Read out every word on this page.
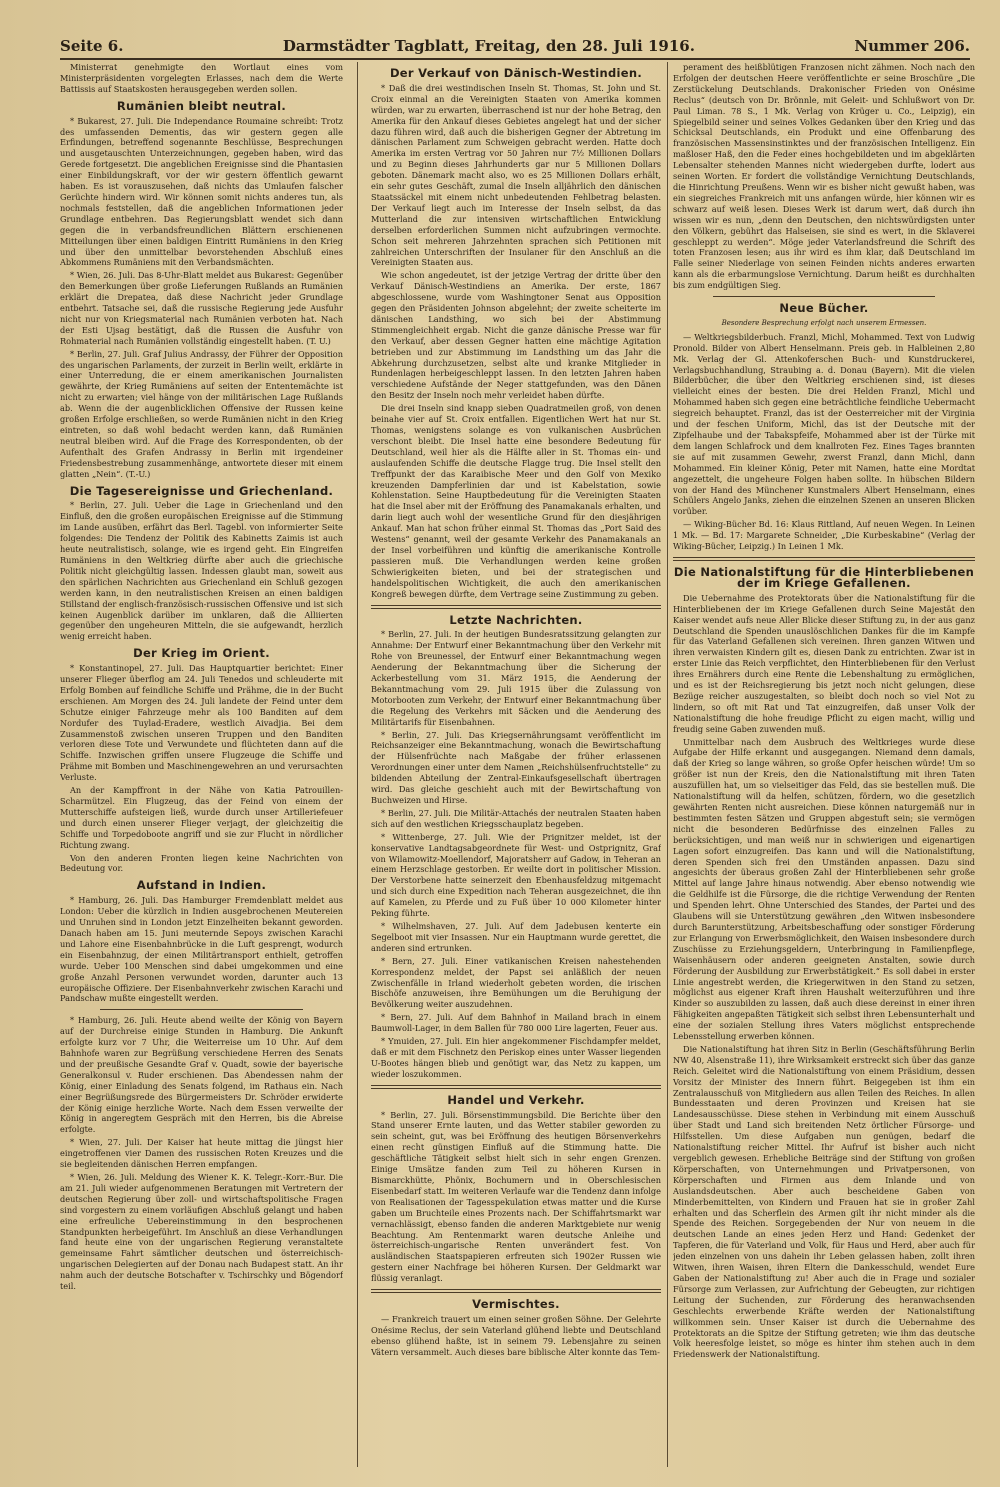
Seite 6.	Darmstädter Tagblatt, Freitag, den 28. Juli 1916.	Nummer 206.

Ministerrat genehmigte den Wortlaut eines vom Ministerpräsidenten vorgelegten Erlasses, nach dem die Werte Battissis auf Staatskosten herausgegeben werden sollen.

Rumänien bleibt neutral.

* Bukarest, 27. Juli. Die Independance Roumaine schreibt: Trotz des umfassenden Dementis, das wir gestern gegen alle Erfindungen, betreffend sogenannte Beschlüsse, Besprechungen und ausgetauschten Unterzeichnungen, gegeben haben, wird das Gerede fortgesetzt. Die angeblichen Ereignisse sind die Phantasien einer Einbildungskraft, vor der wir gestern öffentlich gewarnt haben. Es ist vorauszusehen, daß nichts das Umlaufen falscher Gerüchte hindern wird. Wir können somit nichts anderes tun, als nochmals feststellen, daß die angeblichen Informationen jeder Grundlage entbehren. Das Regierungsblatt wendet sich dann gegen die in verbandsfreundlichen Blättern erschienenen Mitteilungen über einen baldigen Eintritt Rumäniens in den Krieg und über den unmittelbar bevorstehenden Abschluß eines Abkommens Rumäniens mit den Verbandsmächten.

* Wien, 26. Juli. Das 8-Uhr-Blatt meldet aus Bukarest: Gegenüber den Bemerkungen über große Lieferungen Rußlands an Rumänien erklärt die Drepatea, daß diese Nachricht jeder Grundlage entbehrt. Tatsache sei, daß die russische Regierung jede Ausfuhr nicht nur von Kriegsmaterial nach Rumänien verboten hat. Nach der Esti Ujsag bestätigt, daß die Russen die Ausfuhr von Rohmaterial nach Rumänien vollständig eingestellt haben. (T. U.)

* Berlin, 27. Juli. Graf Julius Andrassy, der Führer der Opposition des ungarischen Parlaments, der zurzeit in Berlin weilt, erklärte in einer Unterredung, die er einem amerikanischen Journalisten gewährte, der Krieg Rumäniens auf seiten der Ententemächte ist nicht zu erwarten; viel hänge von der militärischen Lage Rußlands ab. Wenn die der augenblicklichen Offensive der Russen keine großen Erfolge erschließen, so werde Rumänien nicht in den Krieg eintreten, so daß wohl bedacht werden kann, daß Rumänien neutral bleiben wird. Auf die Frage des Korrespondenten, ob der Aufenthalt des Grafen Andrassy in Berlin mit irgendeiner Friedensbestrebung zusammenhänge, antwortete dieser mit einem glatten „Nein“. (T.-U.)

Die Tagesereignisse und Griechenland.

* Berlin, 27. Juli. Ueber die Lage in Griechenland und den Einfluß, den die großen europäischen Ereignisse auf die Stimmung im Lande ausüben, erfährt das Berl. Tagebl. von informierter Seite folgendes: Die Tendenz der Politik des Kabinetts Zaimis ist auch heute neutralistisch, solange, wie es irgend geht. Ein Eingreifen Rumäniens in den Weltkrieg dürfte aber auch die griechische Politik nicht gleichgültig lassen. Indessen glaubt man, soweit aus den spärlichen Nachrichten aus Griechenland ein Schluß gezogen werden kann, in den neutralistischen Kreisen an einen baldigen Stillstand der englisch-französisch-russischen Offensive und ist sich keinen Augenblick darüber im unklaren, daß die Alliierten gegenüber den ungeheuren Mitteln, die sie aufgewandt, herzlich wenig erreicht haben.

Der Krieg im Orient.

* Konstantinopel, 27. Juli. Das Hauptquartier berichtet: Einer unserer Flieger überflog am 24. Juli Tenedos und schleuderte mit Erfolg Bomben auf feindliche Schiffe und Prähme, die in der Bucht erschienen. Am Morgen des 24. Juli landete der Feind unter dem Schutze einiger Fahrzeuge mehr als 100 Banditen auf dem Nordufer des Tuylad-Eradere, westlich Aivadjia. Bei dem Zusammenstoß zwischen unseren Truppen und den Banditen verloren diese Tote und Verwundete und flüchteten dann auf die Schiffe. Inzwischen griffen unsere Flugzeuge die Schiffe und Prähme mit Bomben und Maschinengewehren an und verursachten Verluste.

An der Kampffront in der Nähe von Katia Patrouillen-Scharmützel. Ein Flugzeug, das der Feind von einem der Mutterschiffe aufsteigen ließ, wurde durch unser Artilleriefeuer und durch einen unserer Flieger verjagt, der gleichzeitig die Schiffe und Torpedoboote angriff und sie zur Flucht in nördlicher Richtung zwang.

Von den anderen Fronten liegen keine Nachrichten von Bedeutung vor.

Aufstand in Indien.

* Hamburg, 26. Juli. Das Hamburger Fremdenblatt meldet aus London: Ueber die kürzlich in Indien ausgebrochenen Meutereien und Unruhen sind in London jetzt Einzelheiten bekannt geworden. Danach haben am 15. Juni meuternde Sepoys zwischen Karachi und Lahore eine Eisenbahnbrücke in die Luft gesprengt, wodurch ein Eisenbahnzug, der einen Militärtransport enthielt, getroffen wurde. Ueber 100 Menschen sind dabei umgekommen und eine große Anzahl Personen verwundet worden, darunter auch 13 europäische Offiziere. Der Eisenbahnverkehr zwischen Karachi und Pandschaw mußte eingestellt werden.

* Hamburg, 26. Juli. Heute abend weilte der König von Bayern auf der Durchreise einige Stunden in Hamburg. Die Ankunft erfolgte kurz vor 7 Uhr, die Weiterreise um 10 Uhr. Auf dem Bahnhofe waren zur Begrüßung verschiedene Herren des Senats und der preußische Gesandte Graf v. Quadt, sowie der bayerische Generalkonsul v. Ruder erschienen. Das Abendessen nahm der König, einer Einladung des Senats folgend, im Rathaus ein. Nach einer Begrüßungsrede des Bürgermeisters Dr. Schröder erwiderte der König einige herzliche Worte. Nach dem Essen verweilte der König in angeregtem Gespräch mit den Herren, bis die Abreise erfolgte.

* Wien, 27. Juli. Der Kaiser hat heute mittag die jüngst hier eingetroffenen vier Damen des russischen Roten Kreuzes und die sie begleitenden dänischen Herren empfangen.

* Wien, 26. Juli. Meldung des Wiener K. K. Telegr.-Korr.-Bur. Die am 21. Juli wieder aufgenommenen Beratungen mit Vertretern der deutschen Regierung über zoll- und wirtschaftspolitische Fragen sind vorgestern zu einem vorläufigen Abschluß gelangt und haben eine erfreuliche Uebereinstimmung in den besprochenen Standpunkten herbeigeführt. Im Anschluß an diese Verhandlungen fand heute eine von der ungarischen Regierung veranstaltete gemeinsame Fahrt sämtlicher deutschen und österreichisch-ungarischen Delegierten auf der Donau nach Budapest statt. An ihr nahm auch der deutsche Botschafter v. Tschirschky und Bögendorf teil.

Der Verkauf von Dänisch-Westindien.

* Daß die drei westindischen Inseln St. Thomas, St. John und St. Croix einmal an die Vereinigten Staaten von Amerika kommen würden, war zu erwarten, überraschend ist nur der hohe Betrag, den Amerika für den Ankauf dieses Gebietes angelegt hat und der sicher dazu führen wird, daß auch die bisherigen Gegner der Abtretung im dänischen Parlament zum Schweigen gebracht werden. Hatte doch Amerika im ersten Vertrag vor 50 Jahren nur 7½ Millionen Dollars und zu Beginn dieses Jahrhunderts gar nur 5 Millionen Dollars geboten. Dänemark macht also, wo es 25 Millionen Dollars erhält, ein sehr gutes Geschäft, zumal die Inseln alljährlich den dänischen Staatssäckel mit einem nicht unbedeutenden Fehlbetrag belasten. Der Verkauf liegt auch im Interesse der Inseln selbst, da das Mutterland die zur intensiven wirtschaftlichen Entwicklung derselben erforderlichen Summen nicht aufzubringen vermochte. Schon seit mehreren Jahrzehnten sprachen sich Petitionen mit zahlreichen Unterschriften der Insulaner für den Anschluß an die Vereinigten Staaten aus.

Wie schon angedeutet, ist der jetzige Vertrag der dritte über den Verkauf Dänisch-Westindiens an Amerika. Der erste, 1867 abgeschlossene, wurde vom Washingtoner Senat aus Opposition gegen den Präsidenten Johnson abgelehnt; der zweite scheiterte im dänischen Landsthing, wo sich bei der Abstimmung Stimmengleichheit ergab. Nicht die ganze dänische Presse war für den Verkauf, aber dessen Gegner hatten eine mächtige Agitation betrieben und zur Abstimmung im Landsthing um das Jahr die Abkehrung durchzusetzen, selbst alte und kranke Mitglieder in Rundenlagen herbeigeschleppt lassen. In den letzten Jahren haben verschiedene Aufstände der Neger stattgefunden, was den Dänen den Besitz der Inseln noch mehr verleidet haben dürfte.

Die drei Inseln sind knapp sieben Quadratmeilen groß, von denen beinahe vier auf St. Croix entfallen. Eigentlichen Wert hat nur St. Thomas, wenigstens solange es von vulkanischen Ausbrüchen verschont bleibt. Die Insel hatte eine besondere Bedeutung für Deutschland, weil hier als die Hälfte aller in St. Thomas ein- und auslaufenden Schiffe die deutsche Flagge trug. Die Insel stellt den Treffpunkt der das Karaibische Meer und den Golf von Mexiko kreuzenden Dampferlinien dar und ist Kabelstation, sowie Kohlenstation. Seine Hauptbedeutung für die Vereinigten Staaten hat die Insel aber mit der Eröffnung des Panamakanals erhalten, und darin liegt auch wohl der wesentliche Grund für den diesjährigen Ankauf. Man hat schon früher einmal St. Thomas das „Port Said des Westens“ genannt, weil der gesamte Verkehr des Panamakanals an der Insel vorbeiführen und künftig die amerikanische Kontrolle passieren muß. Die Verhandlungen werden keine großen Schwierigkeiten bieten, und bei der strategischen und handelspolitischen Wichtigkeit, die auch den amerikanischen Kongreß bewegen dürfte, dem Vertrage seine Zustimmung zu geben.

Letzte Nachrichten.

* Berlin, 27. Juli. In der heutigen Bundesratssitzung gelangten zur Annahme: Der Entwurf einer Bekanntmachung über den Verkehr mit Rohe von Breunessel, der Entwurf einer Bekanntmachung wegen Aenderung der Bekanntmachung über die Sicherung der Ackerbestellung vom 31. März 1915, die Aenderung der Bekanntmachung vom 29. Juli 1915 über die Zulassung von Motorbooten zum Verkehr, der Entwurf einer Bekanntmachung über die Regelung des Verkehrs mit Säcken und die Aenderung des Militärtarifs für Eisenbahnen.

* Berlin, 27. Juli. Das Kriegsernährungsamt veröffentlicht im Reichsanzeiger eine Bekanntmachung, wonach die Bewirtschaftung der Hülsenfrüchte nach Maßgabe der früher erlassenen Verordnungen einer unter dem Namen „Reichshülsenfruchtstelle“ zu bildenden Abteilung der Zentral-Einkaufsgesellschaft übertragen wird. Das gleiche geschieht auch mit der Bewirtschaftung von Buchweizen und Hirse.

* Berlin, 27. Juli. Die Militär-Attachés der neutralen Staaten haben sich auf den westlichen Kriegsschauplatz begeben.

* Wittenberge, 27. Juli. Wie der Prignitzer meldet, ist der konservative Landtagsabgeordnete für West- und Ostprignitz, Graf von Wilamowitz-Moellendorf, Majoratsherr auf Gadow, in Teheran an einem Herzschlage gestorben. Er weilte dort in politischer Mission. Der Verstorbene hatte seinerzeit den Ebenhausfeldzug mitgemacht und sich durch eine Expedition nach Teheran ausgezeichnet, die ihn auf Kamelen, zu Pferde und zu Fuß über 10 000 Kilometer hinter Peking führte.

* Wilhelmshaven, 27. Juli. Auf dem Jadebusen kenterte ein Segelboot mit vier Insassen. Nur ein Hauptmann wurde gerettet, die anderen sind ertrunken.

* Bern, 27. Juli. Einer vatikanischen Kreisen nahestehenden Korrespondenz meldet, der Papst sei anläßlich der neuen Zwischenfälle in Irland wiederholt gebeten worden, die irischen Bischöfe anzuweisen, ihre Bemühungen um die Beruhigung der Bevölkerung weiter auszudehnen.

* Bern, 27. Juli. Auf dem Bahnhof in Mailand brach in einem Baumwoll-Lager, in dem Ballen für 780 000 Lire lagerten, Feuer aus.

* Ymuiden, 27. Juli. Ein hier angekommener Fischdampfer meldet, daß er mit dem Fischnetz den Periskop eines unter Wasser liegenden U-Bootes hängen blieb und genötigt war, das Netz zu kappen, um wieder loszukommen.

Handel und Verkehr.

* Berlin, 27. Juli. Börsenstimmungsbild. Die Berichte über den Stand unserer Ernte lauten, und das Wetter stabiler geworden zu sein scheint, gut, was bei Eröffnung des heutigen Börsenverkehrs einen recht günstigen Einfluß auf die Stimmung hatte. Die geschäftliche Tätigkeit selbst hielt sich in sehr engen Grenzen. Einige Umsätze fanden zum Teil zu höheren Kursen in Bismarckhütte, Phönix, Bochumern und in Oberschlesischen Eisenbedarf statt. Im weiteren Verlaufe war die Tendenz dann infolge von Realisationen der Tagesspekulation etwas matter und die Kurse gaben um Bruchteile eines Prozents nach. Der Schiffahrtsmarkt war vernachlässigt, ebenso fanden die anderen Marktgebiete nur wenig Beachtung. Am Rentenmarkt waren deutsche Anleihe und österreichisch-ungarische Renten unverändert fest. Von ausländischen Staatspapieren erfreuten sich 1902er Russen wie gestern einer Nachfrage bei höheren Kursen. Der Geldmarkt war flüssig veranlagt.

Vermischtes.

— Frankreich trauert um einen seiner großen Söhne. Der Gelehrte Onésime Reclus, der sein Vaterland glühend liebte und Deutschland ebenso glühend haßte, ist in seinem 79. Lebensjahre zu seinen Vätern versammelt. Auch dieses bare biblische Alter konnte das Tem-

perament des heißblütigen Franzosen nicht zähmen. Noch nach den Erfolgen der deutschen Heere veröffentlichte er seine Broschüre „Die Zerstückelung Deutschlands. Drakonischer Frieden von Onésime Reclus“ (deutsch von Dr. Brönnle, mit Geleit- und Schlußwort von Dr. Paul Liman. 78 S., 1 Mk. Verlag von Krüger u. Co., Leipzig), ein Spiegelbild seiner und seines Volkes Gedanken über den Krieg und das Schicksal Deutschlands, ein Produkt und eine Offenbarung des französischen Massensinstinktes und der französischen Intelligenz. Ein maßloser Haß, den die Feder eines hochgebildeten und im abgeklärten Lebensalter stehenden Mannes nicht wiedergeben durfte, lodert aus seinen Worten. Er fordert die vollständige Vernichtung Deutschlands, die Hinrichtung Preußens. Wenn wir es bisher nicht gewußt haben, was ein siegreiches Frankreich mit uns anfangen würde, hier können wir es schwarz auf weiß lesen. Dieses Werk ist darum wert, daß durch ihn wissen wir es nun, „denn den Deutschen, den nichtswürdigsten unter den Völkern, gebührt das Halseisen, sie sind es wert, in die Sklaverei geschleppt zu werden“. Möge jeder Vaterlandsfreund die Schrift des toten Franzosen lesen; aus ihr wird es ihm klar, daß Deutschland im Falle seiner Niederlage von seinen Feinden nichts anderes erwarten kann als die erbarmungslose Vernichtung. Darum heißt es durchhalten bis zum endgültigen Sieg.

Neue Bücher.
Besondere Besprechung erfolgt nach unserem Ermessen.

— Weltkriegsbilderbuch. Franzl, Michl, Mohammed. Text von Ludwig Pronold. Bilder von Albert Henselmann. Preis geb. in Halbleinen 2,80 Mk. Verlag der Gl. Attenkoferschen Buch- und Kunstdruckerei, Verlagsbuchhandlung, Straubing a. d. Donau (Bayern). Mit die vielen Bilderbücher, die über den Weltkrieg erschienen sind, ist dieses vielleicht eines der besten. Die drei Helden Franzl, Michl und Mohammed haben sich gegen eine beträchtliche feindliche Uebermacht siegreich behauptet. Franzl, das ist der Oesterreicher mit der Virginia und der feschen Uniform, Michl, das ist der Deutsche mit der Zipfelhaube und der Tabakspfeife, Mohammed aber ist der Türke mit dem langen Schlafrock und dem knallroten Fez. Eines Tages brannten sie auf mit zusammen Gewehr, zwerst Franzl, dann Michl, dann Mohammed. Ein kleiner König, Peter mit Namen, hatte eine Mordtat angezettelt, die ungeheure Folgen haben sollte. In hübschen Bildern von der Hand des Münchener Kunstmalers Albert Henselmann, eines Schülers Angelo Janks, ziehen die einzelnen Szenen an unseren Blicken vorüber.

— Wiking-Bücher Bd. 16: Klaus Rittland, Auf neuen Wegen. In Leinen 1 Mk. — Bd. 17: Margarete Schneider, „Die Kurbeskabine“ (Verlag der Wiking-Bücher, Leipzig.) In Leinen 1 Mk.

Die Nationalstiftung für die Hinterbliebenen der im Kriege Gefallenen.

Die Uebernahme des Protektorats über die Nationalstiftung für die Hinterbliebenen der im Kriege Gefallenen durch Seine Majestät den Kaiser wendet aufs neue Aller Blicke dieser Stiftung zu, in der aus ganz Deutschland die Spenden unauslöschlichen Dankes für die im Kampfe für das Vaterland Gefallenen sich vereinen. Ihren ganzen Witwen und ihren verwaisten Kindern gilt es, diesen Dank zu entrichten. Zwar ist in erster Linie das Reich verpflichtet, den Hinterbliebenen für den Verlust ihres Ernährers durch eine Rente die Lebenshaltung zu ermöglichen, und es ist der Reichsregierung bis jetzt noch nicht gelungen, diese Bezüge reicher auszugestalten, so bleibt doch noch so viel Not zu lindern, so oft mit Rat und Tat einzugreifen, daß unser Volk der Nationalstiftung die hohe freudige Pflicht zu eigen macht, willig und freudig seine Gaben zuwenden muß.

Unmittelbar nach dem Ausbruch des Weltkrieges wurde diese Aufgabe der Hilfe erkannt und ausgegangen. Niemand denn damals, daß der Krieg so lange währen, so große Opfer heischen würde! Um so größer ist nun der Kreis, den die Nationalstiftung mit ihren Taten auszufüllen hat, um so vielseitiger das Feld, das sie bestellen muß. Die Nationalstiftung will da helfen, schützen, fördern, wo die gesetzlich gewährten Renten nicht ausreichen. Diese können naturgemäß nur in bestimmten festen Sätzen und Gruppen abgestuft sein; sie vermögen nicht die besonderen Bedürfnisse des einzelnen Falles zu berücksichtigen, und man weiß nur in schwierigen und eigenartigen Lagen sofort einzugreifen. Das kann und will die Nationalstiftung, deren Spenden sich frei den Umständen anpassen. Dazu sind angesichts der überaus großen Zahl der Hinterbliebenen sehr große Mittel auf lange Jahre hinaus notwendig. Aber ebenso notwendig wie die Geldhilfe ist die Fürsorge, die die richtige Verwendung der Renten und Spenden lehrt. Ohne Unterschied des Standes, der Partei und des Glaubens will sie Unterstützung gewähren „den Witwen insbesondere durch Barunterstützung, Arbeitsbeschaffung oder sonstiger Förderung zur Erlangung von Erwerbsmöglichkeit, den Waisen insbesondere durch Zuschüsse zu Erziehungsgeldern, Unterbringung in Familienpflege, Waisenhäusern oder anderen geeigneten Anstalten, sowie durch Förderung der Ausbildung zur Erwerbstätigkeit.“ Es soll dabei in erster Linie angestrebt werden, die Kriegerwitwen in den Stand zu setzen, möglichst aus eigener Kraft ihren Haushalt weiterzuführen und ihre Kinder so auszubilden zu lassen, daß auch diese dereinst in einer ihren Fähigkeiten angepaßten Tätigkeit sich selbst ihren Lebensunterhalt und eine der sozialen Stellung ihres Vaters möglichst entsprechende Lebensstellung erwerben können.

Die Nationalstiftung hat ihren Sitz in Berlin (Geschäftsführung Berlin NW 40, Alsenstraße 11), ihre Wirksamkeit erstreckt sich über das ganze Reich. Geleitet wird die Nationalstiftung von einem Präsidium, dessen Vorsitz der Minister des Innern führt. Beigegeben ist ihm ein Zentralausschuß von Mitgliedern aus allen Teilen des Reiches. In allen Bundesstaaten und deren Provinzen und Kreisen hat sie Landesausschüsse. Diese stehen in Verbindung mit einem Ausschuß über Stadt und Land sich breitenden Netz örtlicher Fürsorge- und Hilfsstellen. Um diese Aufgaben nun genügen, bedarf die Nationalstiftung reicher Mittel. Ihr Aufruf ist bisher auch nicht vergeblich gewesen. Erhebliche Beiträge sind der Stiftung von großen Körperschaften, von Unternehmungen und Privatpersonen, von Körperschaften und Firmen aus dem Inlande und von Auslandsdeutschen. Aber auch bescheidene Gaben von Minderbemittelten, von Kindern und Frauen hat sie in großer Zahl erhalten und das Scherflein des Armen gilt ihr nicht minder als die Spende des Reichen. Sorgegebenden der Nur von neuem in die deutschen Lande an eines jeden Herz und Hand: Gedenket der Tapferen, die für Vaterland und Volk, für Haus und Herd, aber auch für jeden einzelnen von uns dahein ihr Leben gelassen haben, zollt ihren Witwen, ihren Waisen, ihren Eltern die Dankesschuld, wendet Eure Gaben der Nationalstiftung zu! Aber auch die in Frage und sozialer Fürsorge zum Verlassen, zur Aufrichtung der Gebeugten, zur richtigen Leitung der Suchenden, zur Förderung des heranwachsenden Geschlechts erwerbende Kräfte werden der Nationalstiftung willkommen sein. Unser Kaiser ist durch die Uebernahme des Protektorats an die Spitze der Stiftung getreten; wie ihm das deutsche Volk heeresfolge leistet, so möge es hinter ihm stehen auch in dem Friedenswerk der Nationalstiftung.
